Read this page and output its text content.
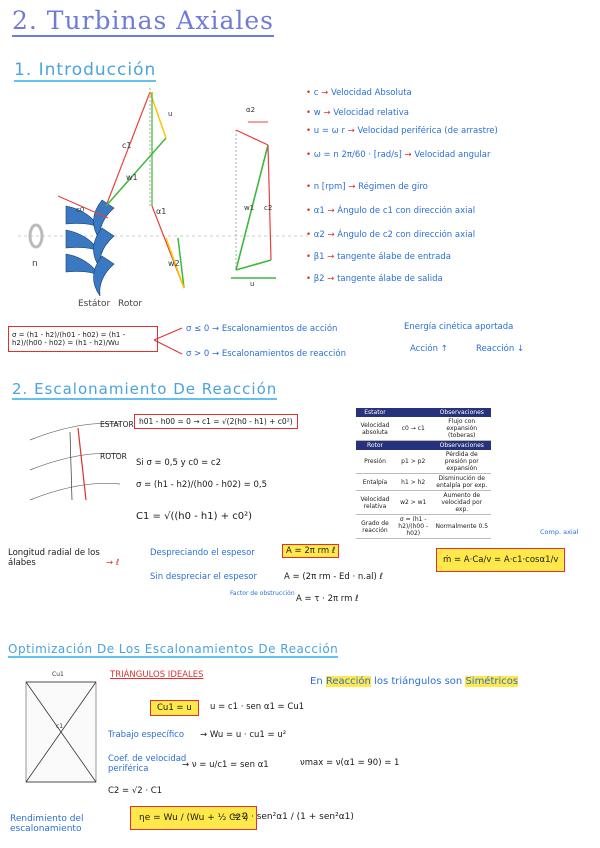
2. Turbinas Axiales
1. Introducción
Estátor Rotor
n
c1
w1
α1
w2
c0
u	α2
w1 c2
u
• c → Velocidad Absoluta
• w → Velocidad relativa
• u = ω r → Velocidad periférica (de arrastre)
• ω = n 2π/60 · [rad/s] → Velocidad angular
• n [rpm] → Régimen de giro
• α1 → Ángulo de c1 con dirección axial
• α2 → Ángulo de c2 con dirección axial
• β1 → tangente álabe de entrada
• β2 → tangente álabe de salida
σ = (h1 - h2)/(h01 - h02) = (h1 - h2)/(h00 - h02) = (h1 - h2)/Wu
σ ≤ 0 → Escalonamientos de acción
σ > 0 → Escalonamientos de reacción
Energía cinética aportada
Acción ↑	Reacción ↓
2. Escalonamiento De Reacción
ESTATOR
ROTOR
h01 - h00 = 0 → c1 = √(2(h0 - h1) + c0²)
Si σ = 0,5 y c0 = c2
σ = (h1 - h2)/(h00 - h02) = 0,5
C1 = √((h0 - h1) + c0²)
Estator		Observaciones
Velocidad absoluta	c0 → c1	Flujo con expansión (toberas)
Rotor		Observaciones
Presión	p1 > p2	Pérdida de presión por expansión
Entalpía	h1 > h2	Disminución de entalpía por exp.
Velocidad relativa	w2 > w1	Aumento de velocidad por exp.
Grado de reacción	σ = (h1 - h2)/(h00 - h02)	Normalmente 0.5
Longitud radial de los álabes	→ ℓ
Despreciando el espesor	A = 2π rm ℓ
Sin despreciar el espesor	A = (2π rm - Ed · n.al) ℓ
Factor de obstrucción
A = τ · 2π rm ℓ
ṁ = A·Ca/v = A·c1·cosα1/v
Comp. axial
Optimización De Los Escalonamientos De Reacción
Cu1
c1
TRIÁNGULOS IDEALES
Cu1 = u	u = c1 · sen α1 = Cu1
En Reacción los triángulos son Simétricos
Trabajo específico → Wu = u · cu1 = u²
Coef. de velocidad periférica	→ ν = u/c1 = sen α1	νmax = ν(α1 = 90) = 1
C2 = √2 · C1
Rendimiento del escalonamiento
ηe = Wu / (Wu + ½ C2²)
= 2 · sen²α1 / (1 + sen²α1)
